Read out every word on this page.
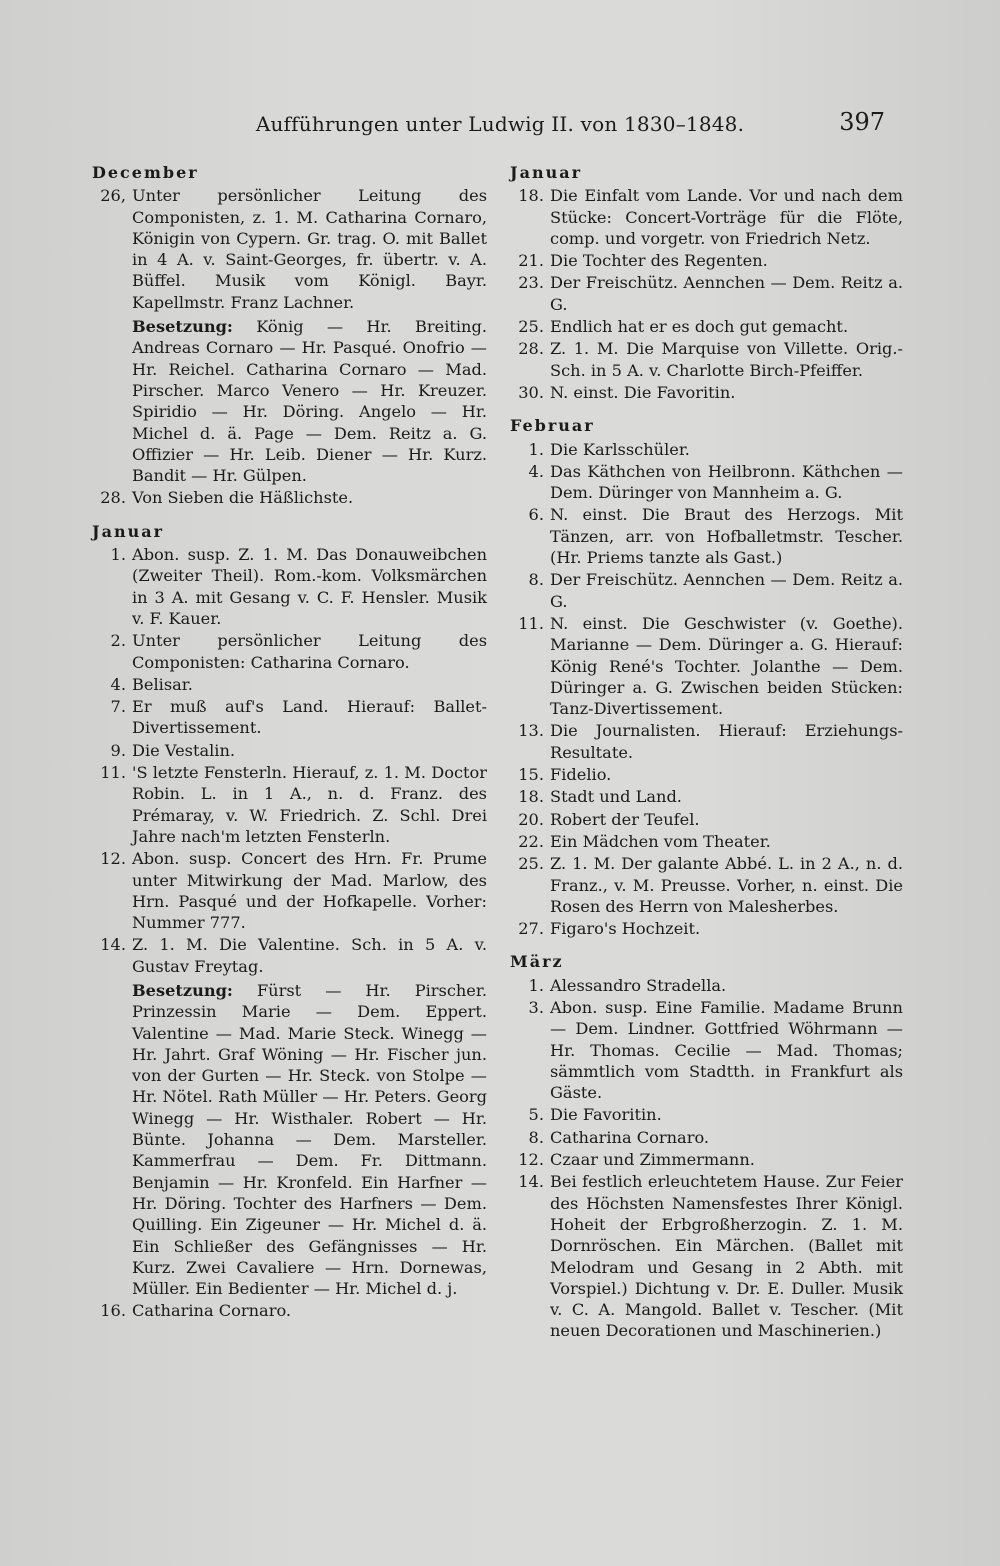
Aufführungen unter Ludwig II. von 1830–1848.	397
December
26, Unter persönlicher Leitung des Componisten, z. 1. M. Catharina Cornaro, Königin von Cypern. Gr. trag. O. mit Ballet in 4 A. v. Saint-Georges, fr. übertr. v. A. Büffel. Musik vom Königl. Bayr. Kapellmstr. Franz Lachner.
Besetzung: König — Hr. Breiting. Andreas Cornaro — Hr. Pasqué. Onofrio — Hr. Reichel. Catharina Cornaro — Mad. Pirscher. Marco Venero — Hr. Kreuzer. Spiridio — Hr. Döring. Angelo — Hr. Michel d. ä. Page — Dem. Reitz a. G. Offizier — Hr. Leib. Diener — Hr. Kurz. Bandit — Hr. Gülpen.
28. Von Sieben die Häßlichste.
Januar
1. Abon. susp. Z. 1. M. Das Donauweibchen (Zweiter Theil). Rom.-kom. Volksmärchen in 3 A. mit Gesang v. C. F. Hensler. Musik v. F. Kauer.
2. Unter persönlicher Leitung des Componisten: Catharina Cornaro.
4. Belisar.
7. Er muß auf's Land. Hierauf: Ballet-Divertissement.
9. Die Vestalin.
11. 'S letzte Fensterln. Hierauf, z. 1. M. Doctor Robin. L. in 1 A., n. d. Franz. des Prémaray, v. W. Friedrich. Z. Schl. Drei Jahre nach'm letzten Fensterln.
12. Abon. susp. Concert des Hrn. Fr. Prume unter Mitwirkung der Mad. Marlow, des Hrn. Pasqué und der Hofkapelle. Vorher: Nummer 777.
14. Z. 1. M. Die Valentine. Sch. in 5 A. v. Gustav Freytag.
Besetzung: Fürst — Hr. Pirscher. Prinzessin Marie — Dem. Eppert. Valentine — Mad. Marie Steck. Winegg — Hr. Jahrt. Graf Wöning — Hr. Fischer jun. von der Gurten — Hr. Steck. von Stolpe — Hr. Nötel. Rath Müller — Hr. Peters. Georg Winegg — Hr. Wisthaler. Robert — Hr. Bünte. Johanna — Dem. Marsteller. Kammerfrau — Dem. Fr. Dittmann. Benjamin — Hr. Kronfeld. Ein Harfner — Hr. Döring. Tochter des Harfners — Dem. Quilling. Ein Zigeuner — Hr. Michel d. ä. Ein Schließer des Gefängnisses — Hr. Kurz. Zwei Cavaliere — Hrn. Dornewas, Müller. Ein Bedienter — Hr. Michel d. j.
16. Catharina Cornaro.
Januar
18. Die Einfalt vom Lande. Vor und nach dem Stücke: Concert-Vorträge für die Flöte, comp. und vorgetr. von Friedrich Netz.
21. Die Tochter des Regenten.
23. Der Freischütz. Aennchen — Dem. Reitz a. G.
25. Endlich hat er es doch gut gemacht.
28. Z. 1. M. Die Marquise von Villette. Orig.-Sch. in 5 A. v. Charlotte Birch-Pfeiffer.
30. N. einst. Die Favoritin.
Februar
1. Die Karlsschüler.
4. Das Käthchen von Heilbronn. Käthchen — Dem. Düringer von Mannheim a. G.
6. N. einst. Die Braut des Herzogs. Mit Tänzen, arr. von Hofballetmstr. Tescher. (Hr. Priems tanzte als Gast.)
8. Der Freischütz. Aennchen — Dem. Reitz a. G.
11. N. einst. Die Geschwister (v. Goethe). Marianne — Dem. Düringer a. G. Hierauf: König René's Tochter. Jolanthe — Dem. Düringer a. G. Zwischen beiden Stücken: Tanz-Divertissement.
13. Die Journalisten. Hierauf: Erziehungs-Resultate.
15. Fidelio.
18. Stadt und Land.
20. Robert der Teufel.
22. Ein Mädchen vom Theater.
25. Z. 1. M. Der galante Abbé. L. in 2 A., n. d. Franz., v. M. Preusse. Vorher, n. einst. Die Rosen des Herrn von Malesherbes.
27. Figaro's Hochzeit.
März
1. Alessandro Stradella.
3. Abon. susp. Eine Familie. Madame Brunn — Dem. Lindner. Gottfried Wöhrmann — Hr. Thomas. Cecilie — Mad. Thomas; sämmtlich vom Stadtth. in Frankfurt als Gäste.
5. Die Favoritin.
8. Catharina Cornaro.
12. Czaar und Zimmermann.
14. Bei festlich erleuchtetem Hause. Zur Feier des Höchsten Namensfestes Ihrer Königl. Hoheit der Erbgroßherzogin. Z. 1. M. Dornröschen. Ein Märchen. (Ballet mit Melodram und Gesang in 2 Abth. mit Vorspiel.) Dichtung v. Dr. E. Duller. Musik v. C. A. Mangold. Ballet v. Tescher. (Mit neuen Decorationen und Maschinerien.)
